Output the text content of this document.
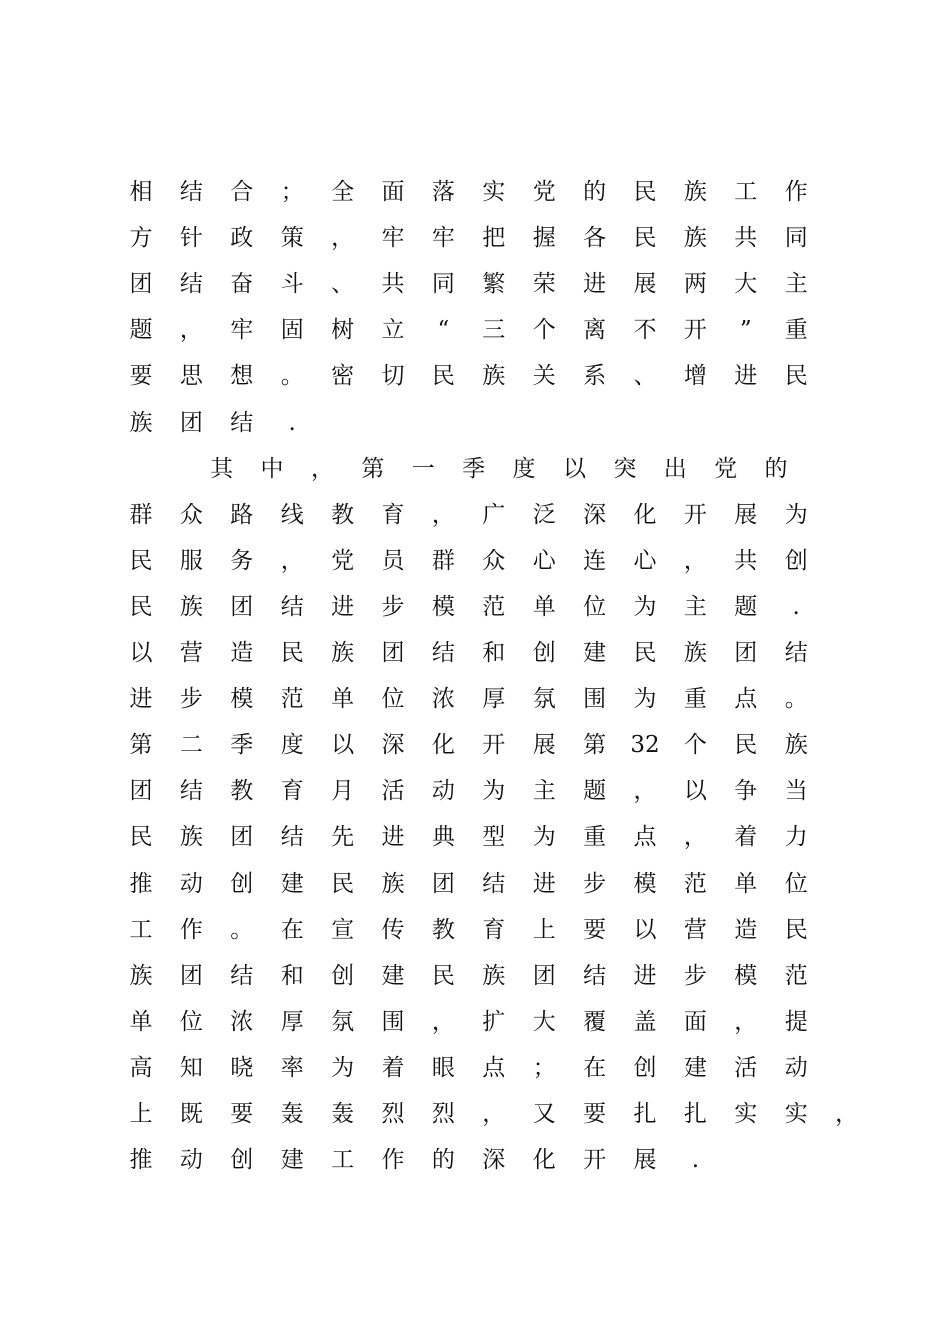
相 结 合 ； 全 面 落 实 党 的 民 族 工 作
方 针 政 策 ， 牢 牢 把 握 各 民 族 共 同
团 结 奋 斗 、 共 同 繁 荣 进 展 两 大 主
题 ， 牢 固 树 立	“	三 个 离 不 开	”	重
要 思 想 。 密 切 民 族 关 系 、 增 进 民
族 团 结	.
其 中 ， 第 一 季 度 以 突 出 党 的
群 众 路 线 教 育 ， 广 泛 深 化 开 展 为
民 服 务 ， 党 员 群 众 心 连 心 ， 共 创
民 族 团 结 进 步 模 范 单 位 为 主 题	.
以 营 造 民 族 团 结 和 创 建 民 族 团 结
进 步 模 范 单 位 浓 厚 氛 围 为 重 点 。
第 二 季 度 以 深 化 开 展 第 32 个 民 族
团 结 教 育 月 活 动 为 主 题 ， 以 争 当
民 族 团 结 先 进 典 型 为 重 点 ， 着 力
推 动 创 建 民 族 团 结 进 步 模 范 单 位
工 作 。 在 宣 传 教 育 上 要 以 营 造 民
族 团 结 和 创 建 民 族 团 结 进 步 模 范
单 位 浓 厚 氛 围 ， 扩 大 覆 盖 面 ， 提
高 知 晓 率 为 着 眼 点 ； 在 创 建 活 动
上 既 要 轰 轰 烈 烈 ， 又 要 扎 扎 实 实 ，
推 动 创 建 工 作 的 深 化 开 展	.
